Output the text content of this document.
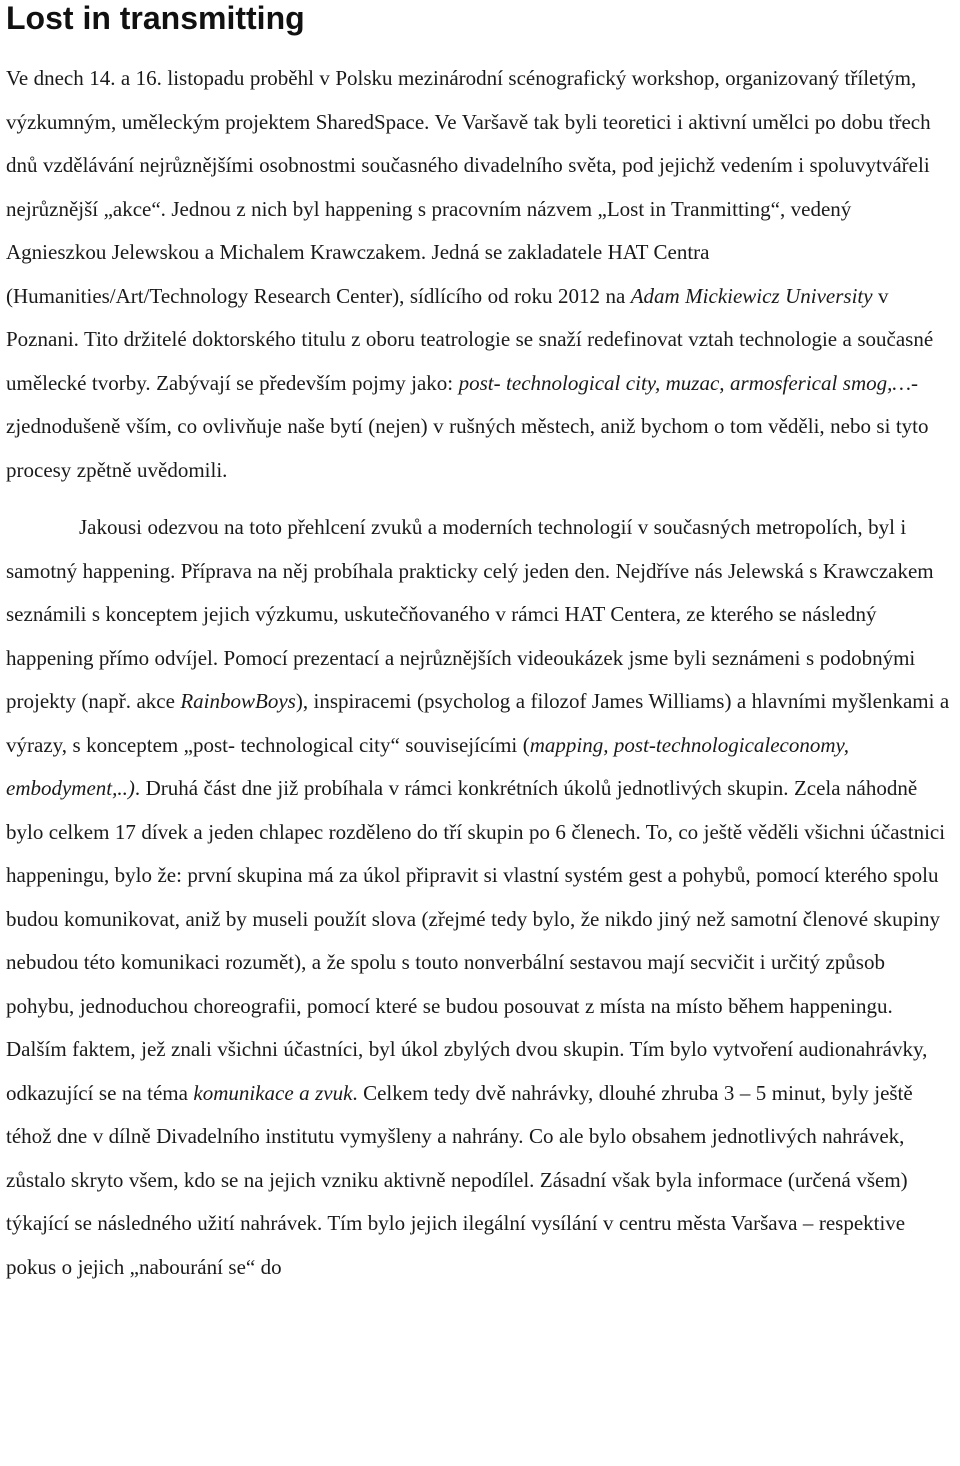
Lost in transmitting

Ve dnech 14. a 16. listopadu proběhl v Polsku mezinárodní scénografický workshop, organizovaný tříletým, výzkumným, uměleckým projektem SharedSpace. Ve Varšavě tak byli teoretici i aktivní umělci po dobu třech dnů vzdělávání nejrůznějšími osobnostmi současného divadelního světa, pod jejichž vedením i spoluvytvářeli nejrůznější „akce“. Jednou z nich byl happening s pracovním názvem „Lost in Tranmitting“, vedený Agnieszkou Jelewskou a Michalem Krawczakem. Jedná se zakladatele HAT Centra (Humanities/Art/Technology Research Center), sídlícího od roku 2012 na Adam Mickiewicz University v Poznani. Tito držitelé doktorského titulu z oboru teatrologie se snaží redefinovat vztah technologie a současné umělecké tvorby. Zabývají se především pojmy jako: post- technological city, muzac, armosferical smog,…- zjednodušeně vším, co ovlivňuje naše bytí (nejen) v rušných městech, aniž bychom o tom věděli, nebo si tyto procesy zpětně uvědomili.

Jakousi odezvou na toto přehlcení zvuků a moderních technologií v současných metropolích, byl i samotný happening. Příprava na něj probíhala prakticky celý jeden den. Nejdříve nás Jelewská s Krawczakem seznámili s konceptem jejich výzkumu, uskutečňovaného v rámci HAT Centera, ze kterého se následný happening přímo odvíjel. Pomocí prezentací a nejrůznějších videoukázek jsme byli seznámeni s podobnými projekty (např. akce RainbowBoys), inspiracemi (psycholog a filozof James Williams) a hlavními myšlenkami a výrazy, s konceptem „post- technological city“ souvisejícími (mapping, post-technologicaleconomy, embodyment,..). Druhá část dne již probíhala v rámci konkrétních úkolů jednotlivých skupin. Zcela náhodně bylo celkem 17 dívek a jeden chlapec rozděleno do tří skupin po 6 členech. To, co ještě věděli všichni účastnici happeningu, bylo že: první skupina má za úkol připravit si vlastní systém gest a pohybů, pomocí kterého spolu budou komunikovat, aniž by museli použít slova (zřejmé tedy bylo, že nikdo jiný než samotní členové skupiny nebudou této komunikaci rozumět), a že spolu s touto nonverbální sestavou mají secvičit i určitý způsob pohybu, jednoduchou choreografii, pomocí které se budou posouvat z místa na místo během happeningu. Dalším faktem, jež znali všichni účastníci, byl úkol zbylých dvou skupin. Tím bylo vytvoření audionahrávky, odkazující se na téma komunikace a zvuk. Celkem tedy dvě nahrávky, dlouhé zhruba 3 – 5 minut, byly ještě téhož dne v dílně Divadelního institutu vymyšleny a nahrány. Co ale bylo obsahem jednotlivých nahrávek, zůstalo skryto všem, kdo se na jejich vzniku aktivně nepodílel. Zásadní však byla informace (určená všem) týkající se následného užití nahrávek. Tím bylo jejich ilegální vysílání v centru města Varšava – respektive pokus o jejich „nabourání se“ do
